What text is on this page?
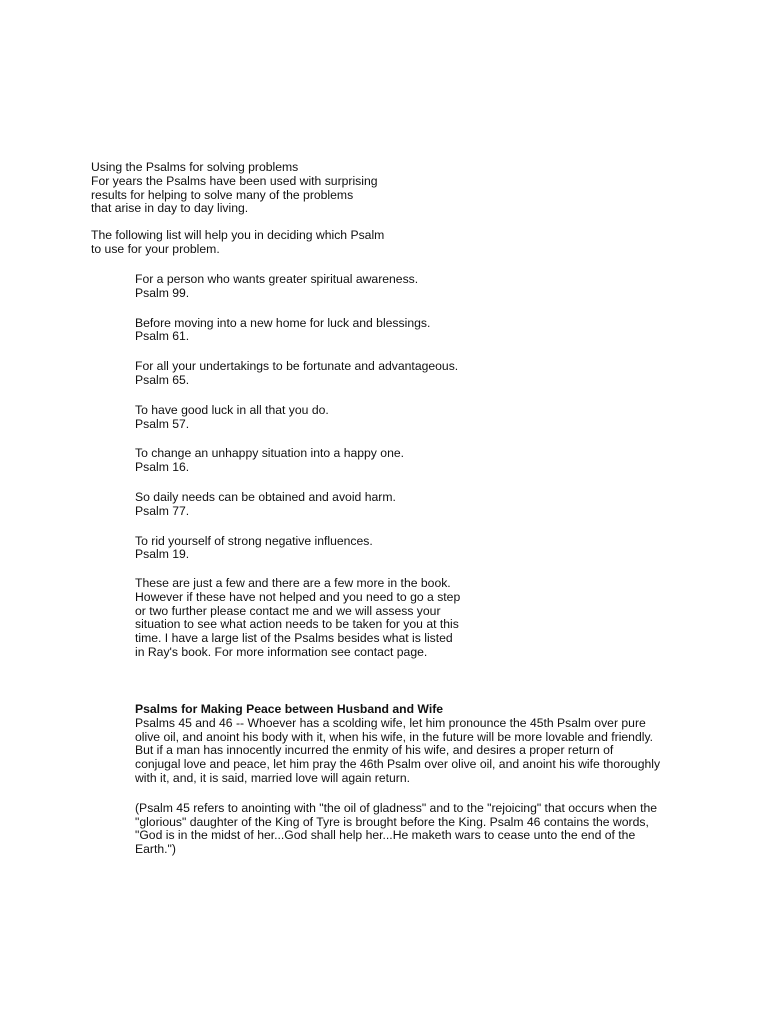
Using the Psalms for solving problems
For years the Psalms have been used with surprising
results for helping to solve many of the problems
that arise in day to day living.
The following list will help you in deciding which Psalm
to use for your problem.
For a person who wants greater spiritual awareness.
Psalm 99.
Before moving into a new home for luck and blessings.
Psalm 61.
For all your undertakings to be fortunate and advantageous.
Psalm 65.
To have good luck in all that you do.
Psalm 57.
To change an unhappy situation into a happy one.
Psalm 16.
So daily needs can be obtained and avoid harm.
Psalm 77.
To rid yourself of strong negative influences.
Psalm 19.
These are just a few and there are a few more in the book.
However if these have not helped and you need to go a step
or two further please contact me and we will assess your
situation to see what action needs to be taken for you at this
time. I have a large list of the Psalms besides what is listed
in Ray's book. For more information see contact page.
Psalms for Making Peace between Husband and Wife
Psalms 45 and 46 -- Whoever has a scolding wife, let him pronounce the 45th Psalm over pure
olive oil, and anoint his body with it, when his wife, in the future will be more lovable and friendly.
But if a man has innocently incurred the enmity of his wife, and desires a proper return of
conjugal love and peace, let him pray the 46th Psalm over olive oil, and anoint his wife thoroughly
with it, and, it is said, married love will again return.
(Psalm 45 refers to anointing with "the oil of gladness" and to the "rejoicing" that occurs when the
"glorious" daughter of the King of Tyre is brought before the King. Psalm 46 contains the words,
"God is in the midst of her...God shall help her...He maketh wars to cease unto the end of the
Earth.")
